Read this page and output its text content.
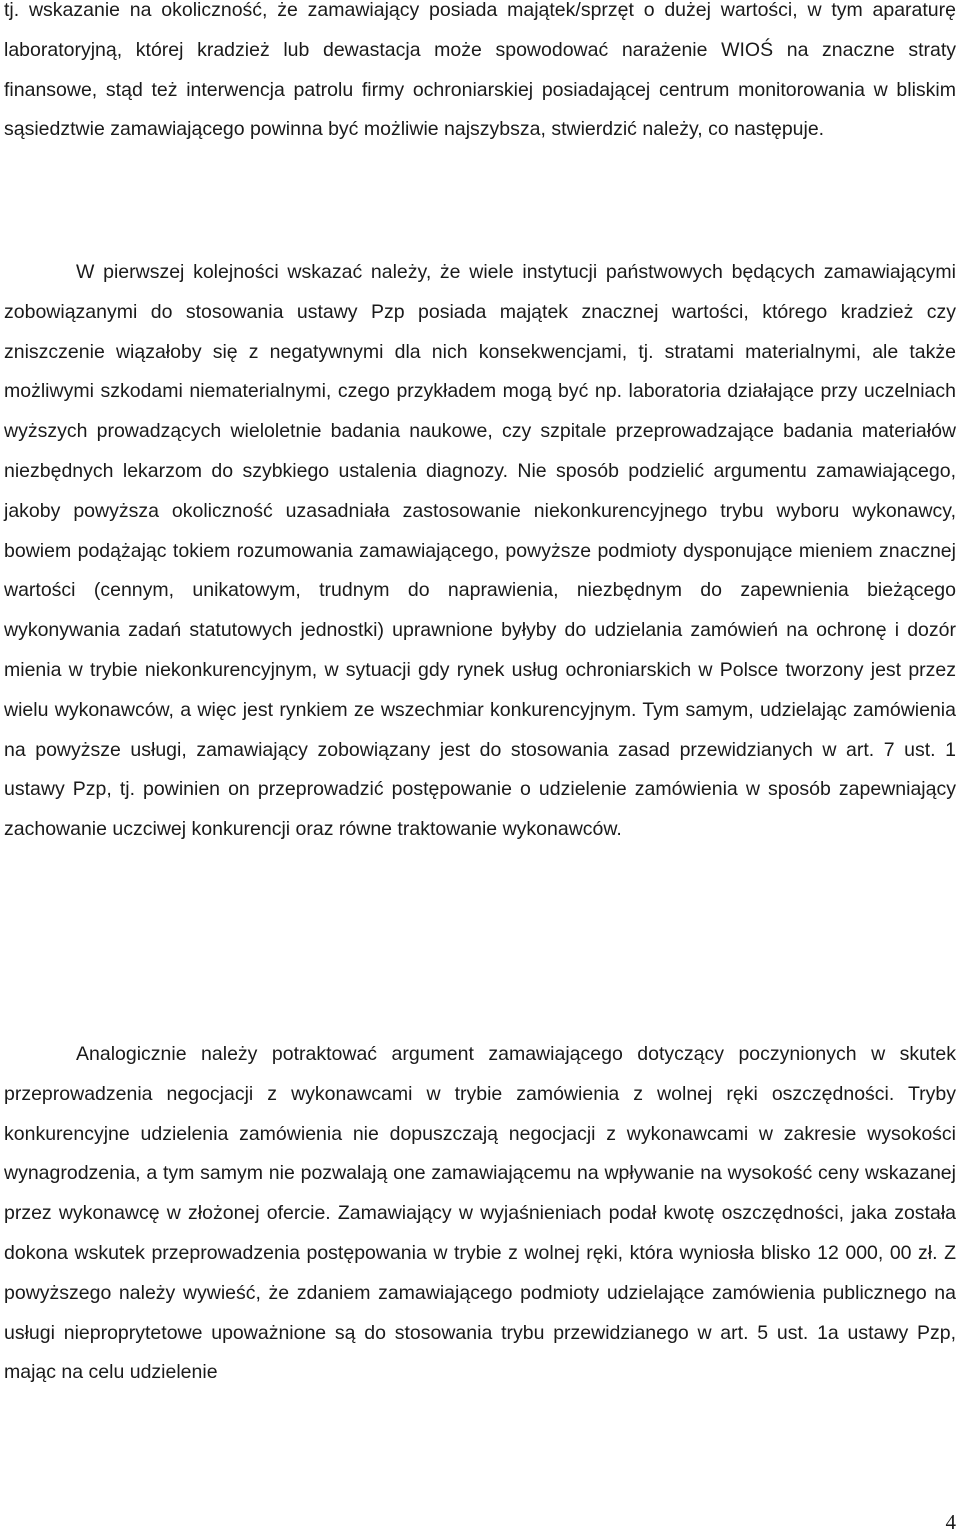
tj. wskazanie na okoliczność, że zamawiający posiada majątek/sprzęt o dużej wartości, w tym aparaturę laboratoryjną, której kradzież lub dewastacja może spowodować narażenie WIOŚ na znaczne straty finansowe, stąd też interwencja patrolu firmy ochroniarskiej posiadającej centrum monitorowania w bliskim sąsiedztwie zamawiającego powinna być możliwie najszybsza, stwierdzić należy, co następuje.

W pierwszej kolejności wskazać należy, że wiele instytucji państwowych będących zamawiającymi zobowiązanymi do stosowania ustawy Pzp posiada majątek znacznej wartości, którego kradzież czy zniszczenie wiązałoby się z negatywnymi dla nich konsekwencjami, tj. stratami materialnymi, ale także możliwymi szkodami niematerialnymi, czego przykładem mogą być np. laboratoria działające przy uczelniach wyższych prowadzących wieloletnie badania naukowe, czy szpitale przeprowadzające badania materiałów niezbędnych lekarzom do szybkiego ustalenia diagnozy. Nie sposób podzielić argumentu zamawiającego, jakoby powyższa okoliczność uzasadniała zastosowanie niekonkurencyjnego trybu wyboru wykonawcy, bowiem podążając tokiem rozumowania zamawiającego, powyższe podmioty dysponujące mieniem znacznej wartości (cennym, unikatowym, trudnym do naprawienia, niezbędnym do zapewnienia bieżącego wykonywania zadań statutowych jednostki) uprawnione byłyby do udzielania zamówień na ochronę i dozór mienia w trybie niekonkurencyjnym, w sytuacji gdy rynek usług ochroniarskich w Polsce tworzony jest przez wielu wykonawców, a więc jest rynkiem ze wszechmiar konkurencyjnym. Tym samym, udzielając zamówienia na powyższe usługi, zamawiający zobowiązany jest do stosowania zasad przewidzianych w art. 7 ust. 1 ustawy Pzp, tj. powinien on przeprowadzić postępowanie o udzielenie zamówienia w sposób zapewniający zachowanie uczciwej konkurencji oraz równe traktowanie wykonawców.

Analogicznie należy potraktować argument zamawiającego dotyczący poczynionych w skutek przeprowadzenia negocjacji z wykonawcami w trybie zamówienia z wolnej ręki oszczędności. Tryby konkurencyjne udzielenia zamówienia nie dopuszczają negocjacji z wykonawcami w zakresie wysokości wynagrodzenia, a tym samym nie pozwalają one zamawiającemu na wpływanie na wysokość ceny wskazanej przez wykonawcę w złożonej ofercie. Zamawiający w wyjaśnieniach podał kwotę oszczędności, jaka została dokona wskutek przeprowadzenia postępowania w trybie z wolnej ręki, która wyniosła blisko 12 000, 00 zł. Z powyższego należy wywieść, że zdaniem zamawiającego podmioty udzielające zamówienia publicznego na usługi nieproprytetowe upoważnione są do stosowania trybu przewidzianego w art. 5 ust. 1a ustawy Pzp, mając na celu udzielenie

4
